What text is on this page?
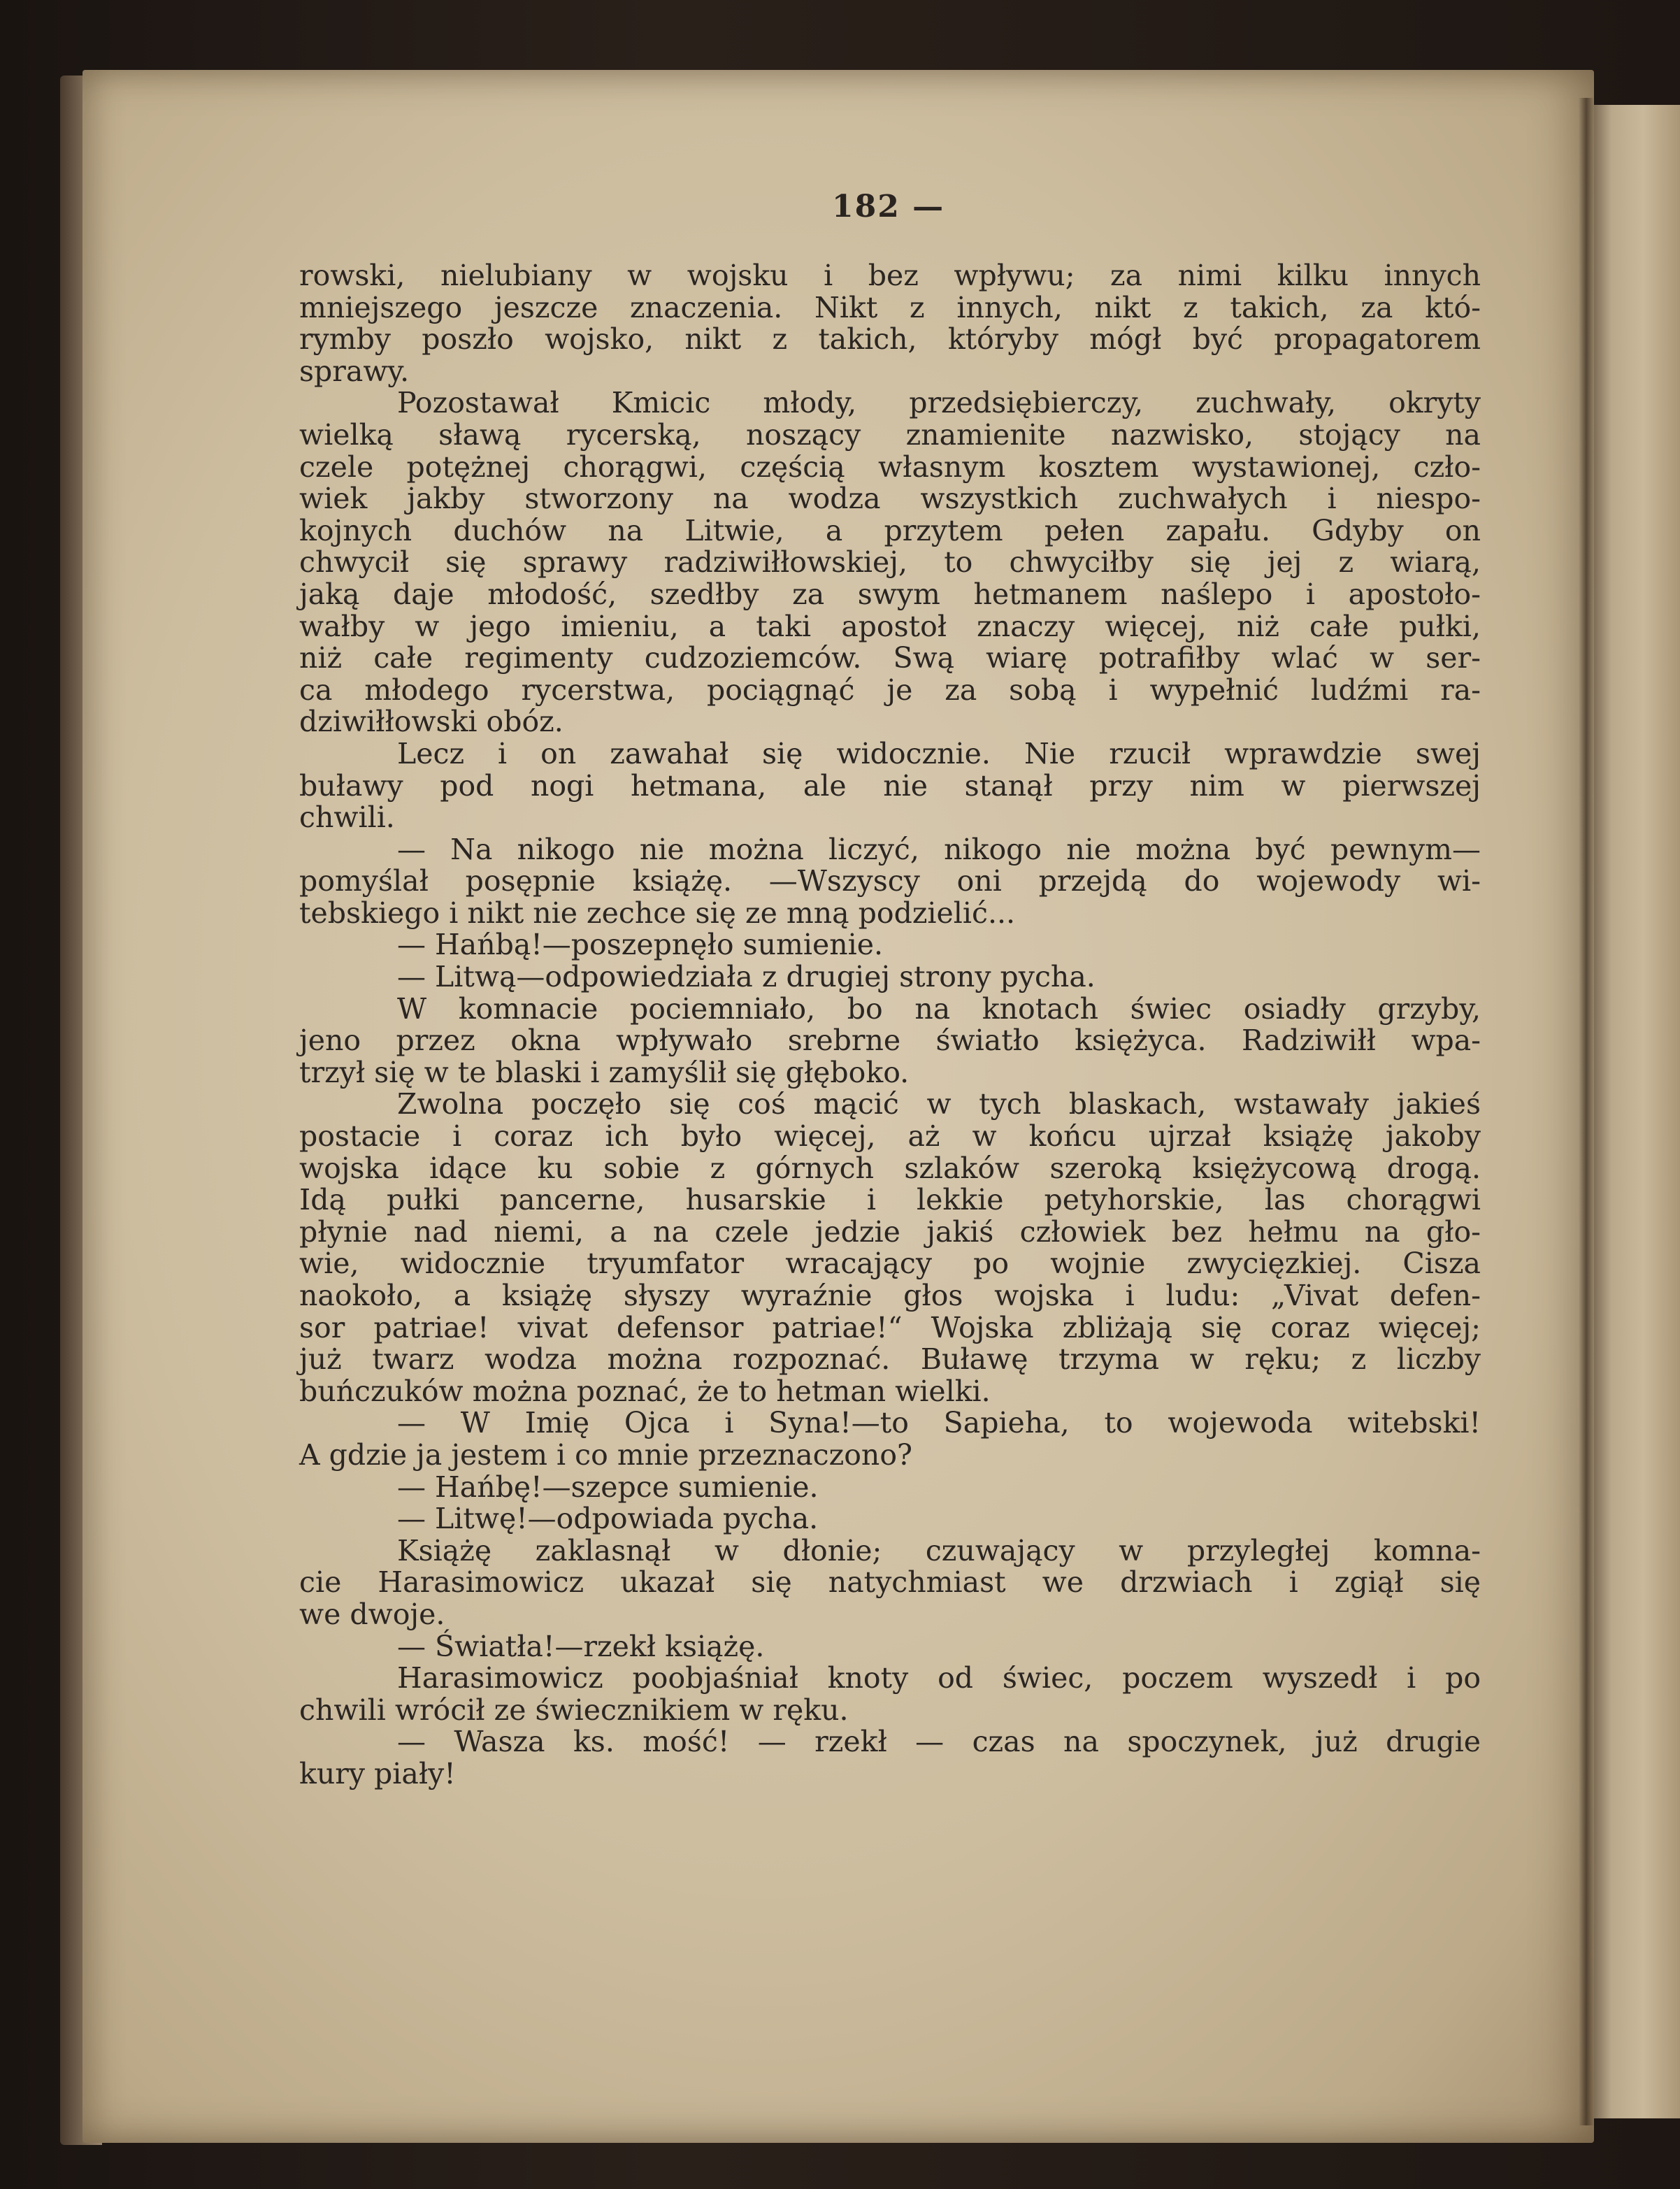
182 —
rowski, nielubiany w wojsku i bez wpływu; za nimi kilku innych
mniejszego jeszcze znaczenia. Nikt z innych, nikt z takich, za któ-
rymby poszło wojsko, nikt z takich, któryby mógł być propagatorem
sprawy.
Pozostawał Kmicic młody, przedsiębierczy, zuchwały, okryty
wielką sławą rycerską, noszący znamienite nazwisko, stojący na
czele potężnej chorągwi, częścią własnym kosztem wystawionej, czło-
wiek jakby stworzony na wodza wszystkich zuchwałych i niespo-
kojnych duchów na Litwie, a przytem pełen zapału. Gdyby on
chwycił się sprawy radziwiłłowskiej, to chwyciłby się jej z wiarą,
jaką daje młodość, szedłby za swym hetmanem naślepo i apostoło-
wałby w jego imieniu, a taki apostoł znaczy więcej, niż całe pułki,
niż całe regimenty cudzoziemców. Swą wiarę potrafiłby wlać w ser-
ca młodego rycerstwa, pociągnąć je za sobą i wypełnić ludźmi ra-
dziwiłłowski obóz.
Lecz i on zawahał się widocznie. Nie rzucił wprawdzie swej
buławy pod nogi hetmana, ale nie stanął przy nim w pierwszej
chwili.
— Na nikogo nie można liczyć, nikogo nie można być pewnym—
pomyślał posępnie książę. —Wszyscy oni przejdą do wojewody wi-
tebskiego i nikt nie zechce się ze mną podzielić...
— Hańbą!—poszepnęło sumienie.
— Litwą—odpowiedziała z drugiej strony pycha.
W komnacie pociemniało, bo na knotach świec osiadły grzyby,
jeno przez okna wpływało srebrne światło księżyca. Radziwiłł wpa-
trzył się w te blaski i zamyślił się głęboko.
Zwolna poczęło się coś mącić w tych blaskach, wstawały jakieś
postacie i coraz ich było więcej, aż w końcu ujrzał książę jakoby
wojska idące ku sobie z górnych szlaków szeroką księżycową drogą.
Idą pułki pancerne, husarskie i lekkie petyhorskie, las chorągwi
płynie nad niemi, a na czele jedzie jakiś człowiek bez hełmu na gło-
wie, widocznie tryumfator wracający po wojnie zwycięzkiej. Cisza
naokoło, a książę słyszy wyraźnie głos wojska i ludu: „Vivat defen-
sor patriae! vivat defensor patriae!“ Wojska zbliżają się coraz więcej;
już twarz wodza można rozpoznać. Buławę trzyma w ręku; z liczby
buńczuków można poznać, że to hetman wielki.
— W Imię Ojca i Syna!—to Sapieha, to wojewoda witebski!
A gdzie ja jestem i co mnie przeznaczono?
— Hańbę!—szepce sumienie.
— Litwę!—odpowiada pycha.
Książę zaklasnął w dłonie; czuwający w przyległej komna-
cie Harasimowicz ukazał się natychmiast we drzwiach i zgiął się
we dwoje.
— Światła!—rzekł książę.
Harasimowicz poobjaśniał knoty od świec, poczem wyszedł i po
chwili wrócił ze świecznikiem w ręku.
— Wasza ks. mość! — rzekł — czas na spoczynek, już drugie
kury piały!
